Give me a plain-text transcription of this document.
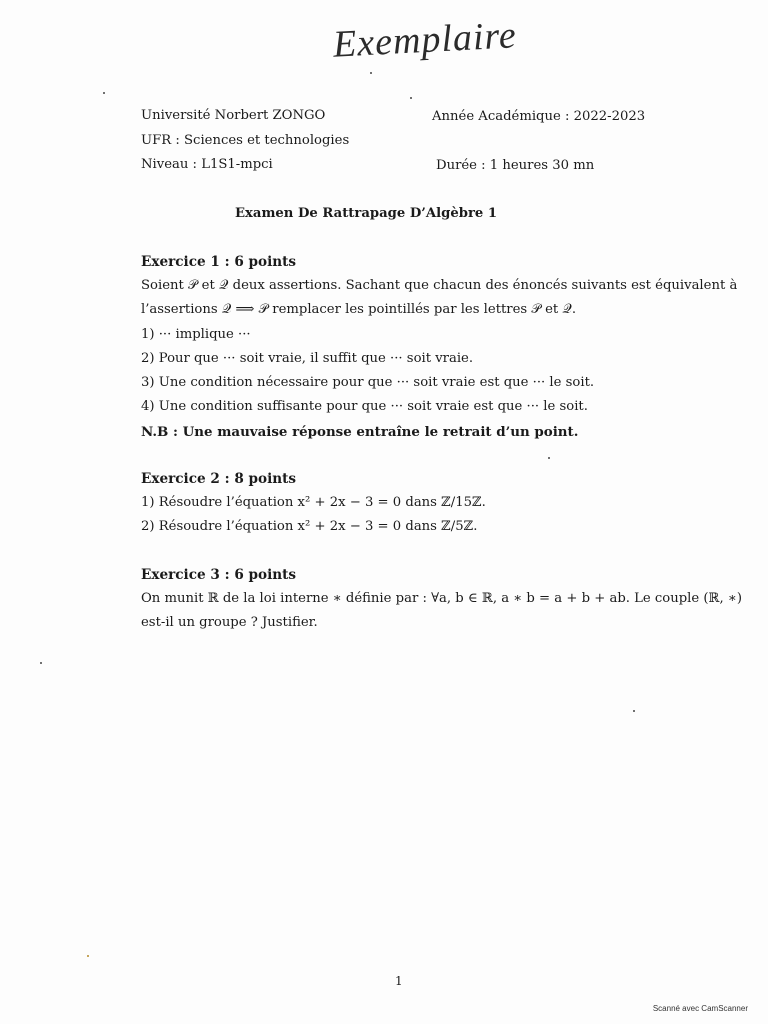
Exemplaire
Université Norbert ZONGO
UFR : Sciences et technologies
Niveau : L1S1-mpci
Année Académique : 2022-2023
Durée : 1 heures 30 mn
Examen De Rattrapage D’Algèbre 1
Exercice 1 : 6 points
Soient 𝒫 et 𝒬 deux assertions. Sachant que chacun des énoncés suivants est équivalent à
l’assertions 𝒬 ⟹ 𝒫 remplacer les pointillés par les lettres 𝒫 et 𝒬.
1) ··· implique ···
2) Pour que ··· soit vraie, il suffit que ··· soit vraie.
3) Une condition nécessaire pour que ··· soit vraie est que ··· le soit.
4) Une condition suffisante pour que ··· soit vraie est que ··· le soit.
N.B : Une mauvaise réponse entraîne le retrait d’un point.
Exercice 2 : 8 points
1) Résoudre l’équation x² + 2x − 3 = 0 dans ℤ/15ℤ.
2) Résoudre l’équation x² + 2x − 3 = 0 dans ℤ/5ℤ.
Exercice 3 : 6 points
On munit ℝ de la loi interne ∗ définie par : ∀a, b ∈ ℝ, a ∗ b = a + b + ab. Le couple (ℝ, ∗)
est-il un groupe ? Justifier.
1
Scanné avec CamScanner
